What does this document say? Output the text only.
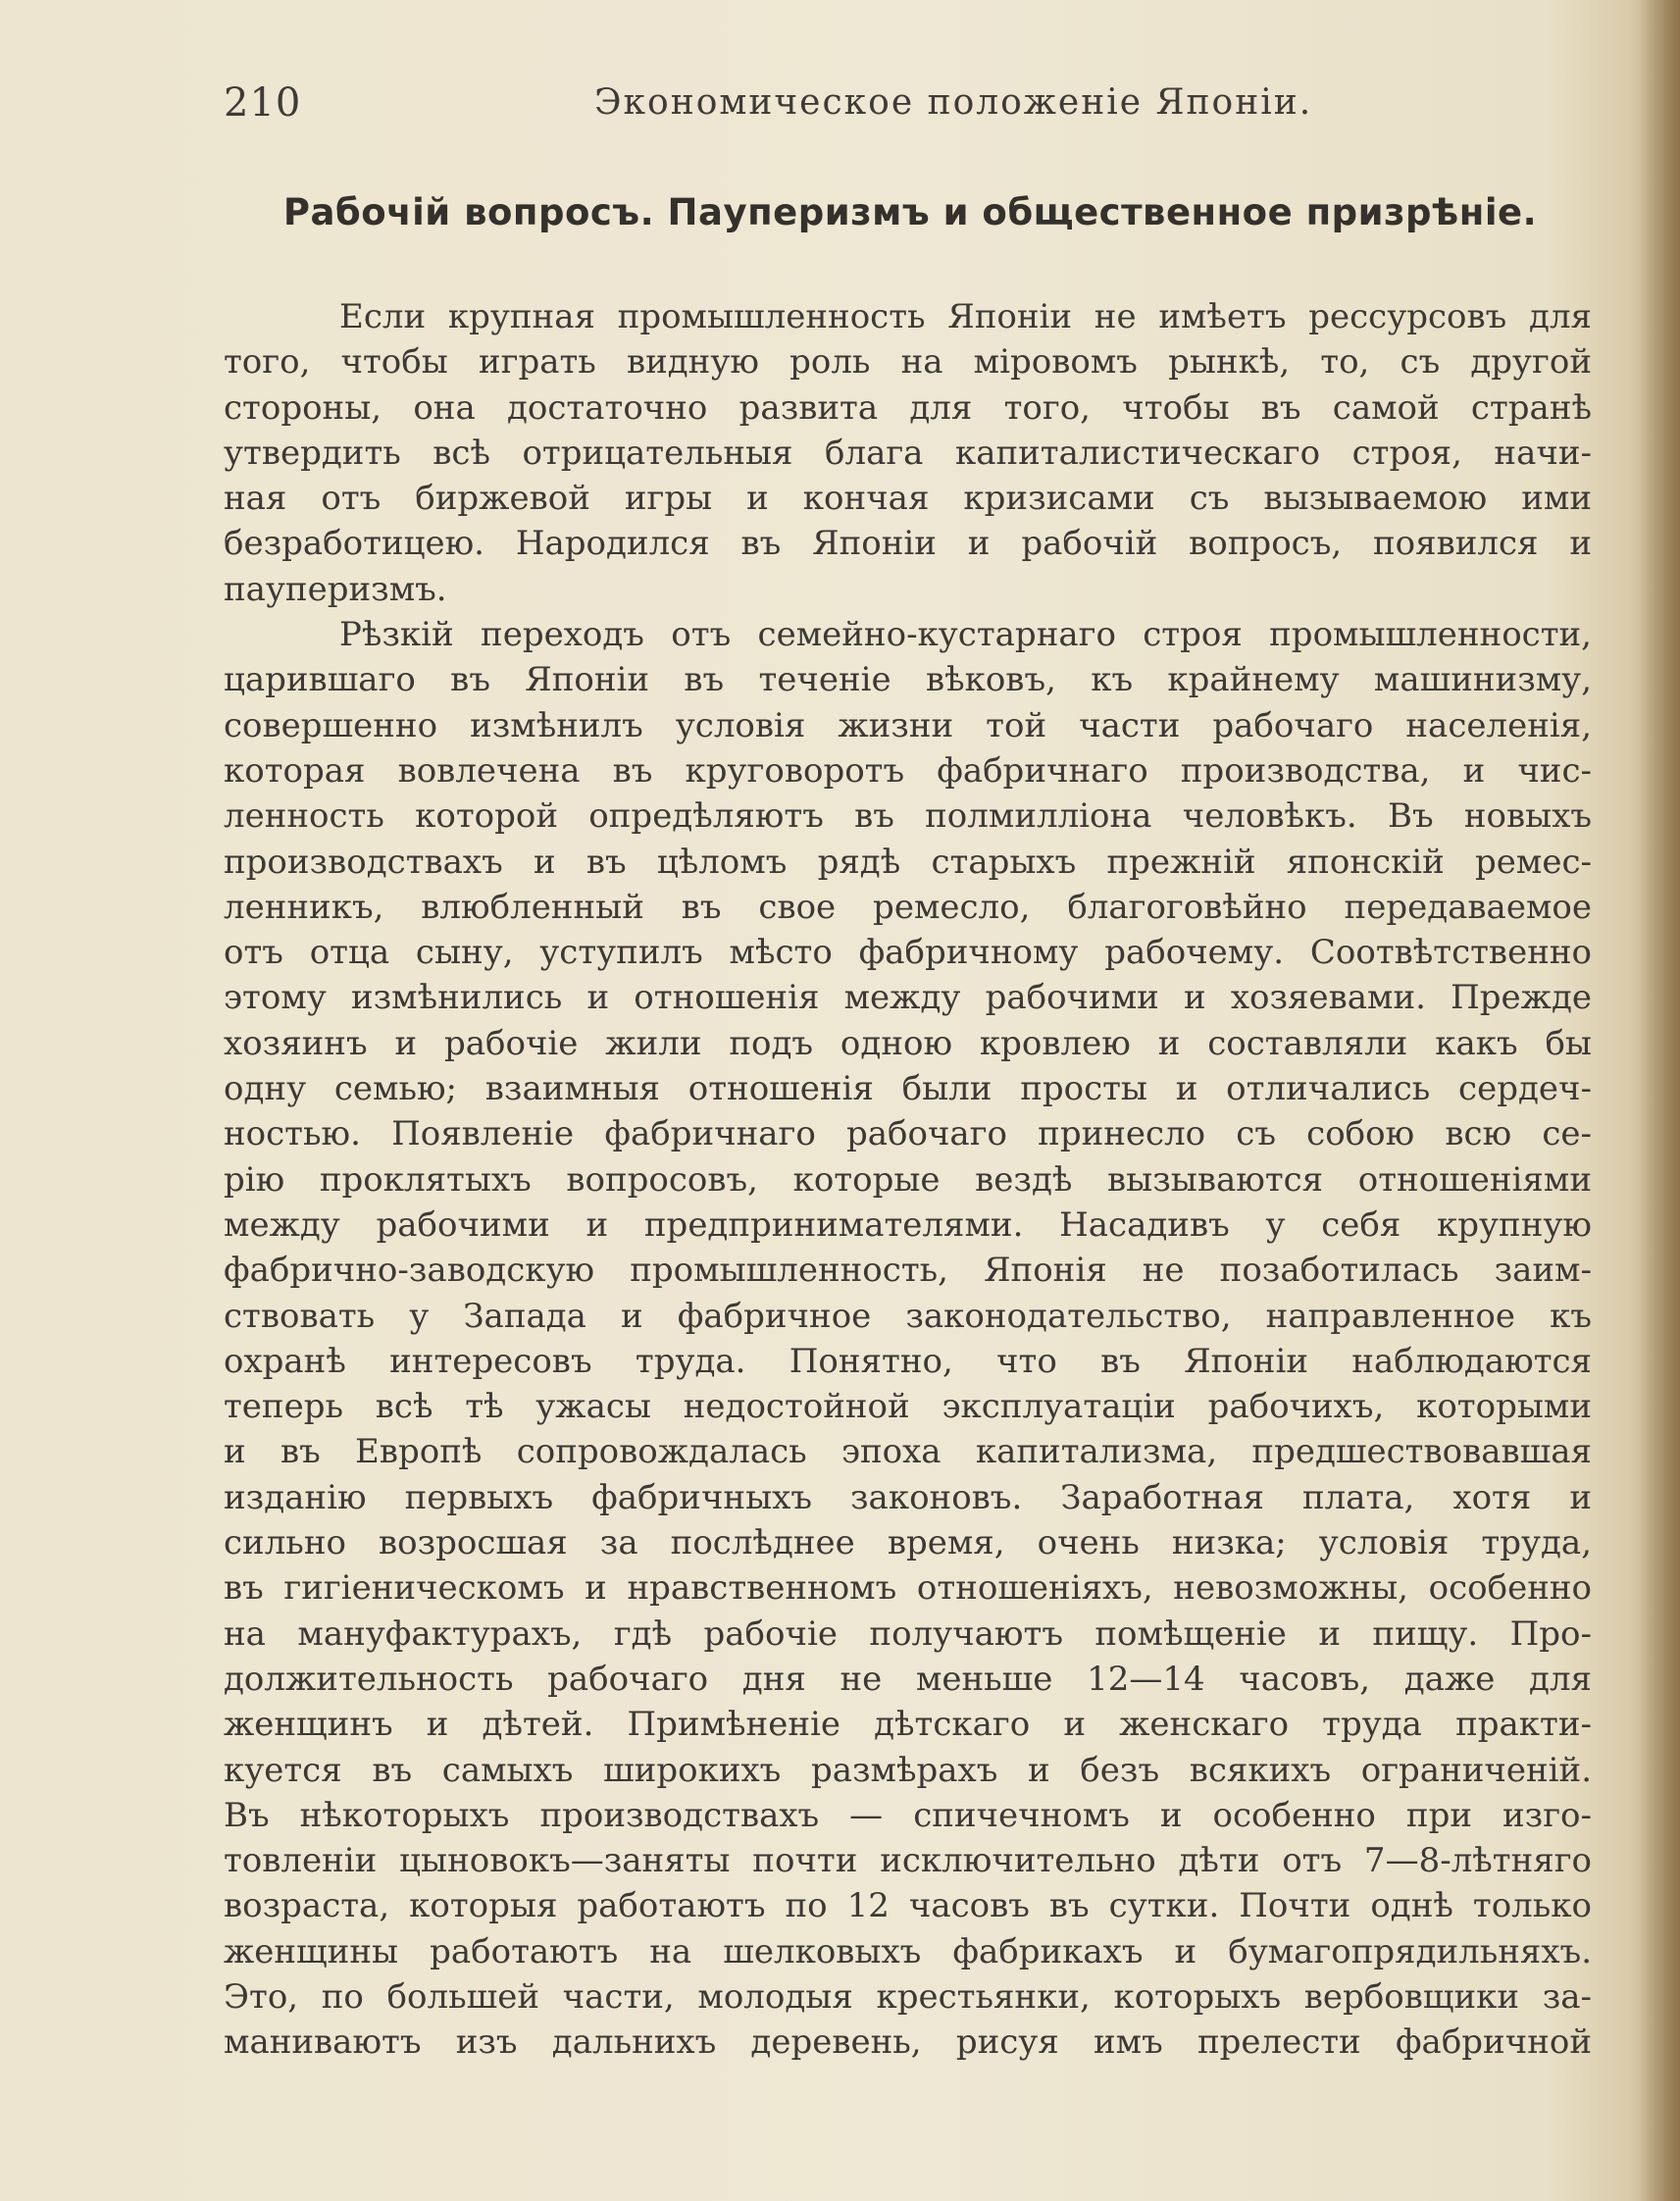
210	Экономическое положеніе Японіи.
Рабочій вопросъ. Пауперизмъ и общественное призрѣніе.
Если крупная промышленность Японіи не имѣетъ рессурсовъ для
того, чтобы играть видную роль на міровомъ рынкѣ, то, съ другой
стороны, она достаточно развита для того, чтобы въ самой странѣ
утвердить всѣ отрицательныя блага капиталистическаго строя, начи-
ная отъ биржевой игры и кончая кризисами съ вызываемою ими
безработицею. Народился въ Японіи и рабочій вопросъ, появился и
пауперизмъ.
Рѣзкій переходъ отъ семейно-кустарнаго строя промышленности,
царившаго въ Японіи въ теченіе вѣковъ, къ крайнему машинизму,
совершенно измѣнилъ условія жизни той части рабочаго населенія,
которая вовлечена въ круговоротъ фабричнаго производства, и чис-
ленность которой опредѣляютъ въ полмилліона человѣкъ. Въ новыхъ
производствахъ и въ цѣломъ рядѣ старыхъ прежній японскій ремес-
ленникъ, влюбленный въ свое ремесло, благоговѣйно передаваемое
отъ отца сыну, уступилъ мѣсто фабричному рабочему. Соотвѣтственно
этому измѣнились и отношенія между рабочими и хозяевами. Прежде
хозяинъ и рабочіе жили подъ одною кровлею и составляли какъ бы
одну семью; взаимныя отношенія были просты и отличались сердеч-
ностью. Появленіе фабричнаго рабочаго принесло съ собою всю се-
рію проклятыхъ вопросовъ, которые вездѣ вызываются отношеніями
между рабочими и предпринимателями. Насадивъ у себя крупную
фабрично-заводскую промышленность, Японія не позаботилась заим-
ствовать у Запада и фабричное законодательство, направленное къ
охранѣ интересовъ труда. Понятно, что въ Японіи наблюдаются
теперь всѣ тѣ ужасы недостойной эксплуатаціи рабочихъ, которыми
и въ Европѣ сопровождалась эпоха капитализма, предшествовавшая
изданію первыхъ фабричныхъ законовъ. Заработная плата, хотя и
сильно возросшая за послѣднее время, очень низка; условія труда,
въ гигіеническомъ и нравственномъ отношеніяхъ, невозможны, особенно
на мануфактурахъ, гдѣ рабочіе получаютъ помѣщеніе и пищу. Про-
должительность рабочаго дня не меньше 12—14 часовъ, даже для
женщинъ и дѣтей. Примѣненіе дѣтскаго и женскаго труда практи-
куется въ самыхъ широкихъ размѣрахъ и безъ всякихъ ограниченій.
Въ нѣкоторыхъ производствахъ — спичечномъ и особенно при изго-
товленіи цыновокъ—заняты почти исключительно дѣти отъ 7—8-лѣтняго
возраста, которыя работаютъ по 12 часовъ въ сутки. Почти однѣ только
женщины работаютъ на шелковыхъ фабрикахъ и бумагопрядильняхъ.
Это, по большей части, молодыя крестьянки, которыхъ вербовщики за-
маниваютъ изъ дальнихъ деревень, рисуя имъ прелести фабричной
